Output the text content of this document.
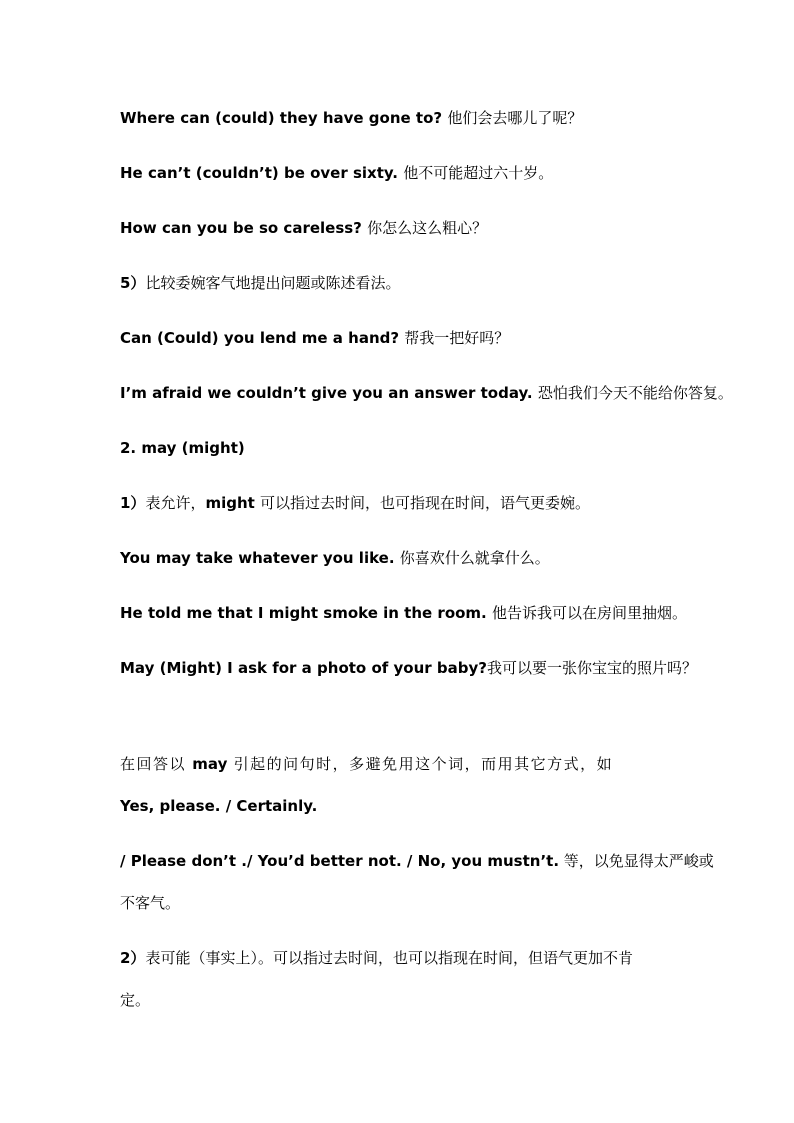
Where can (could) they have gone to? 他们会去哪儿了呢？
He can’t (couldn’t) be over sixty. 他不可能超过六十岁。
How can you be so careless? 你怎么这么粗心？
5）比较委婉客气地提出问题或陈述看法。
Can (Could) you lend me a hand? 帮我一把好吗？
I’m afraid we couldn’t give you an answer today. 恐怕我们今天不能给你答复。
2. may (might)
1）表允许，might 可以指过去时间，也可指现在时间，语气更委婉。
You may take whatever you like. 你喜欢什么就拿什么。
He told me that I might smoke in the room. 他告诉我可以在房间里抽烟。
May (Might) I ask for a photo of your baby?我可以要一张你宝宝的照片吗？
在回答以 may 引起的问句时，多避免用这个词，而用其它方式，如
Yes, please. / Certainly.
/ Please don’t ./ You’d better not. / No, you mustn’t. 等，以免显得太严峻或
不客气。
2）表可能（事实上）。可以指过去时间，也可以指现在时间，但语气更加不肯
定。
